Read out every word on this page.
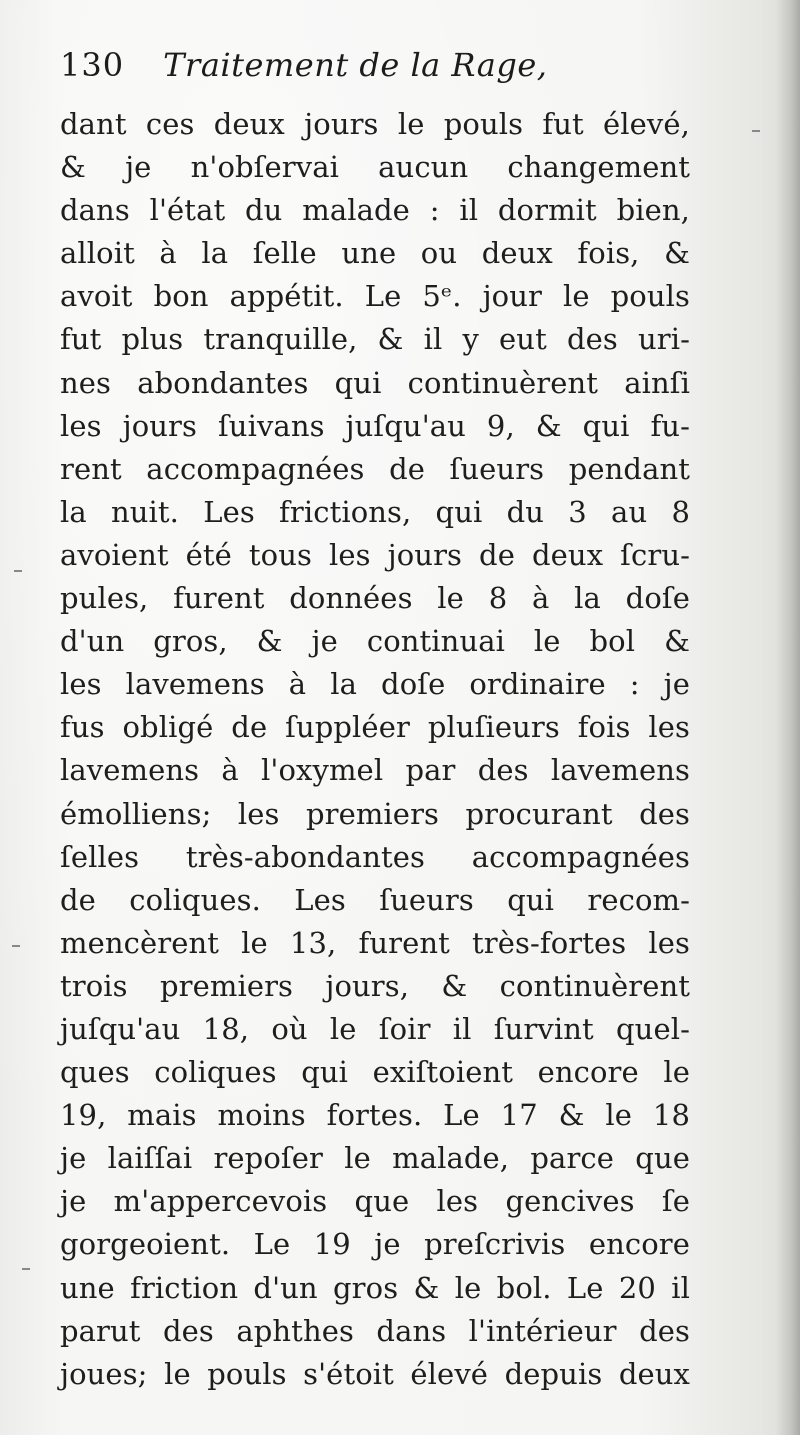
130 Traitement de la Rage,
dant ces deux jours le pouls fut élevé,
& je n'obſervai aucun changement
dans l'état du malade : il dormit bien,
alloit à la ſelle une ou deux fois, &
avoit bon appétit. Le 5ᵉ. jour le pouls
fut plus tranquille, & il y eut des uri-
nes abondantes qui continuèrent ainſi
les jours ſuivans juſqu'au 9, & qui fu-
rent accompagnées de ſueurs pendant
la nuit. Les frictions, qui du 3 au 8
avoient été tous les jours de deux ſcru-
pules, furent données le 8 à la doſe
d'un gros, & je continuai le bol &
les lavemens à la doſe ordinaire : je
fus obligé de ſuppléer pluſieurs fois les
lavemens à l'oxymel par des lavemens
émolliens; les premiers procurant des
ſelles très-abondantes accompagnées
de coliques. Les ſueurs qui recom-
mencèrent le 13, furent très-fortes les
trois premiers jours, & continuèrent
juſqu'au 18, où le ſoir il ſurvint quel-
ques coliques qui exiſtoient encore le
19, mais moins fortes. Le 17 & le 18
je laiſſai repoſer le malade, parce que
je m'appercevois que les gencives ſe
gorgeoient. Le 19 je preſcrivis encore
une friction d'un gros & le bol. Le 20 il
parut des aphthes dans l'intérieur des
joues; le pouls s'étoit élevé depuis deux
